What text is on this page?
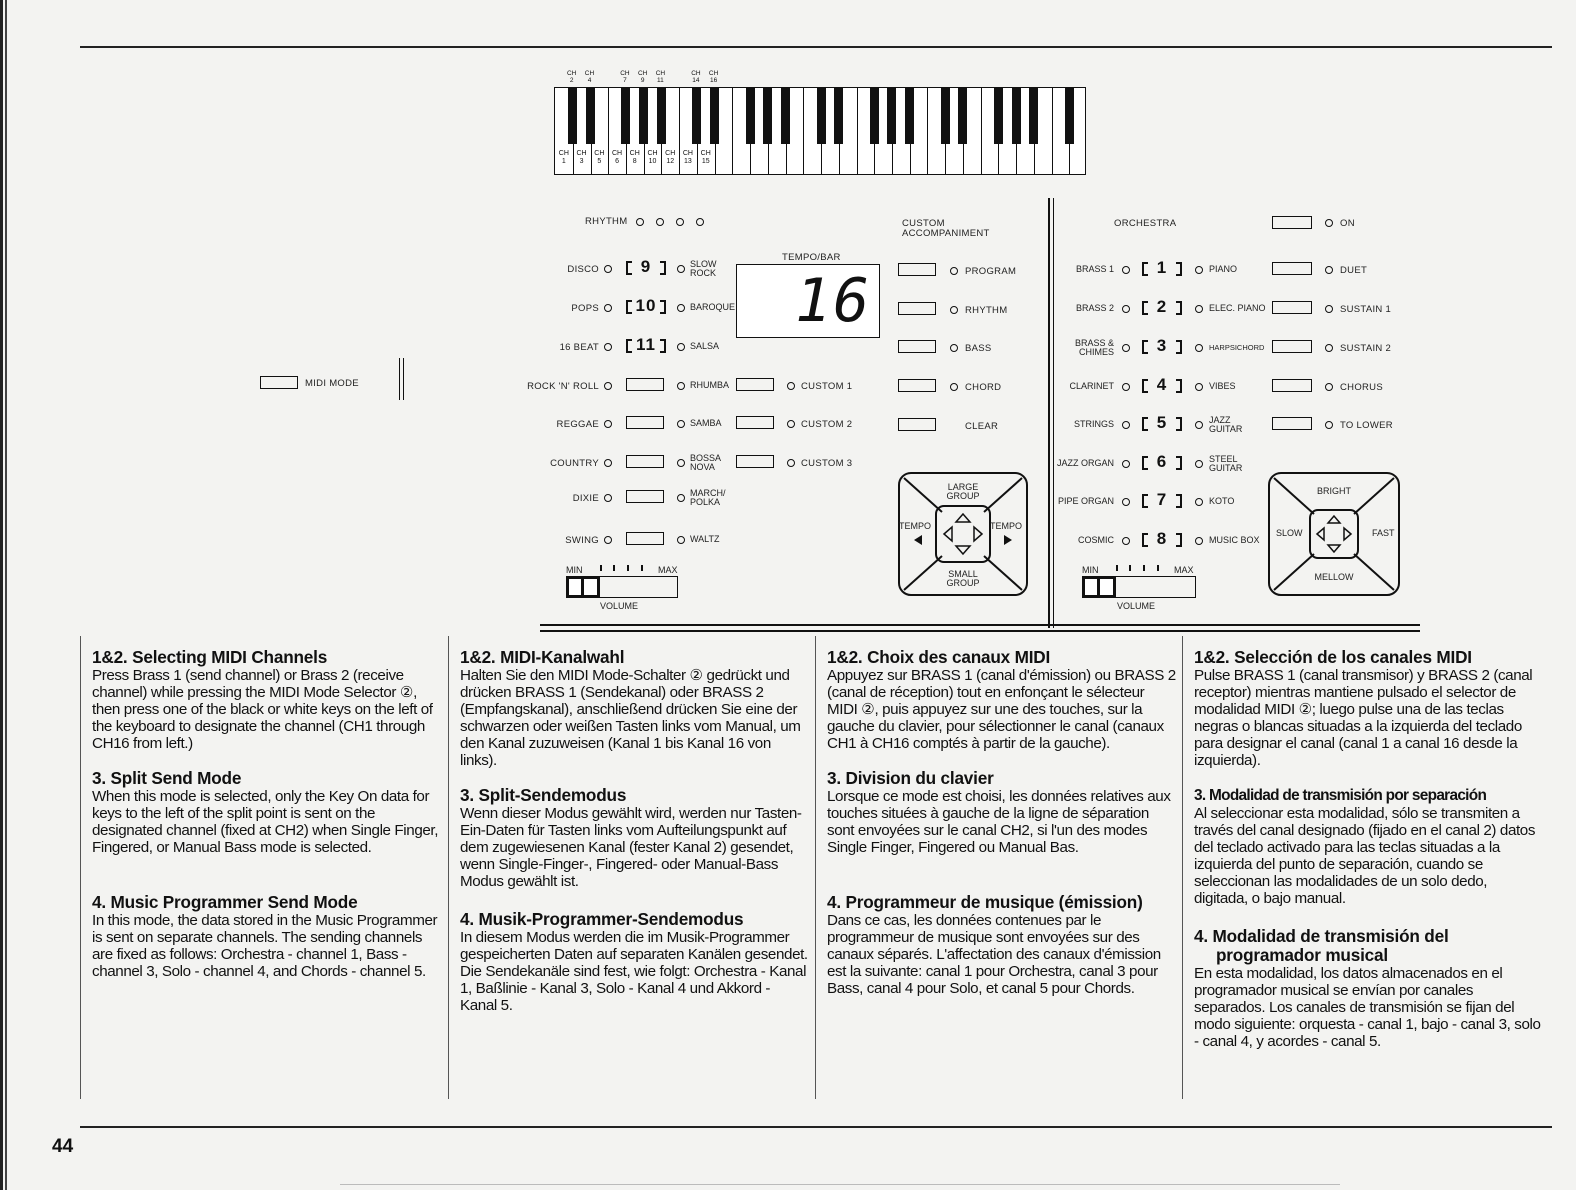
CH 2
CH 4
CH 7
CH 9
CH 11
CH 14
CH 16
CH 1
CH 3
CH 5
CH 6
CH 8
CH 10
CH 12
CH 13
CH 15
MIDI MODE
RHYTHM
DISCO	9	SLOW ROCK
POPS	10	BAROQUE
16 BEAT	11	SALSA
ROCK 'N' ROLL	RHUMBA
REGGAE	SAMBA
COUNTRY	BOSSA NOVA
DIXIE	MARCH/ POLKA
SWING	WALTZ
CUSTOM 1
CUSTOM 2
CUSTOM 3
TEMPO/BAR
16
CUSTOM ACCOMPANIMENT
PROGRAM
RHYTHM
BASS
CHORD
CLEAR
LARGE GROUP
SMALL GROUP
TEMPO	TEMPO
ORCHESTRA	ON
BRASS 1	1	PIANO
BRASS 2	2	ELEC. PIANO
BRASS & CHIMES	3	HARPSICHORD
CLARINET	4	VIBES
STRINGS	5	JAZZ GUITAR
JAZZ ORGAN	6	STEEL GUITAR
PIPE ORGAN	7	KOTO
COSMIC	8	MUSIC BOX
DUET
SUSTAIN 1
SUSTAIN 2
CHORUS
TO LOWER
BRIGHT
MELLOW
SLOW	FAST
MIN	MAX
VOLUME
MIN	MAX
VOLUME
1&2. Selecting MIDI Channels

Press Brass 1 (send channel) or Brass 2 (receive channel) while pressing the MIDI Mode Selector ②, then press one of the black or white keys on the left of the keyboard to designate the channel (CH1 through CH16 from left.)

3. Split Send Mode

When this mode is selected, only the Key On data for keys to the left of the split point is sent on the designated channel (fixed at CH2) when Single Finger, Fingered, or Manual Bass mode is selected.

4. Music Programmer Send Mode

In this mode, the data stored in the Music Programmer is sent on separate channels. The sending channels are fixed as follows: Orchestra - channel 1, Bass - channel 3, Solo - channel 4, and Chords - channel 5.

1&2. MIDI-Kanalwahl

Halten Sie den MIDI Mode-Schalter ② gedrückt und drücken BRASS 1 (Sendekanal) oder BRASS 2 (Empfangskanal), anschließend drücken Sie eine der schwarzen oder weißen Tasten links vom Manual, um den Kanal zuzuweisen (Kanal 1 bis Kanal 16 von links).

3. Split-Sendemodus

Wenn dieser Modus gewählt wird, werden nur Tasten-Ein-Daten für Tasten links vom Aufteilungspunkt auf dem zugewiesenen Kanal (fester Kanal 2) gesendet, wenn Single-Finger-, Fingered- oder Manual-Bass Modus gewählt ist.

4. Musik-Programmer-Sendemodus

In diesem Modus werden die im Musik-Programmer gespeicherten Daten auf separaten Kanälen gesendet. Die Sendekanäle sind fest, wie folgt: Orchestra - Kanal 1, Baßlinie - Kanal 3, Solo - Kanal 4 und Akkord - Kanal 5.

1&2. Choix des canaux MIDI

Appuyez sur BRASS 1 (canal d'émission) ou BRASS 2 (canal de réception) tout en enfonçant le sélecteur MIDI ②, puis appuyez sur une des touches, sur la gauche du clavier, pour sélectionner le canal (canaux CH1 à CH16 comptés à partir de la gauche).

3. Division du clavier

Lorsque ce mode est choisi, les données relatives aux touches situées à gauche de la ligne de séparation sont envoyées sur le canal CH2, si l'un des modes Single Finger, Fingered ou Manual Bas.

4. Programmeur de musique (émission)

Dans ce cas, les données contenues par le programmeur de musique sont envoyées sur des canaux séparés. L'affectation des canaux d'émission est la suivante: canal 1 pour Orchestra, canal 3 pour Bass, canal 4 pour Solo, et canal 5 pour Chords.

1&2. Selección de los canales MIDI

Pulse BRASS 1 (canal transmisor) y BRASS 2 (canal receptor) mientras mantiene pulsado el selector de modalidad MIDI ②; luego pulse una de las teclas negras o blancas situadas a la izquierda del teclado para designar el canal (canal 1 a canal 16 desde la izquierda).

3. Modalidad de transmisión por separación

Al seleccionar esta modalidad, sólo se transmiten a través del canal designado (fijado en el canal 2) datos del teclado activado para las teclas situadas a la izquierda del punto de separación, cuando se seleccionan las modalidades de un solo dedo, digitada, o bajo manual.

4. Modalidad de transmisión del programador musical

En esta modalidad, los datos almacenados en el programador musical se envían por canales separados. Los canales de transmisión se fijan del modo siguiente: orquesta - canal 1, bajo - canal 3, solo - canal 4, y acordes - canal 5.

44
